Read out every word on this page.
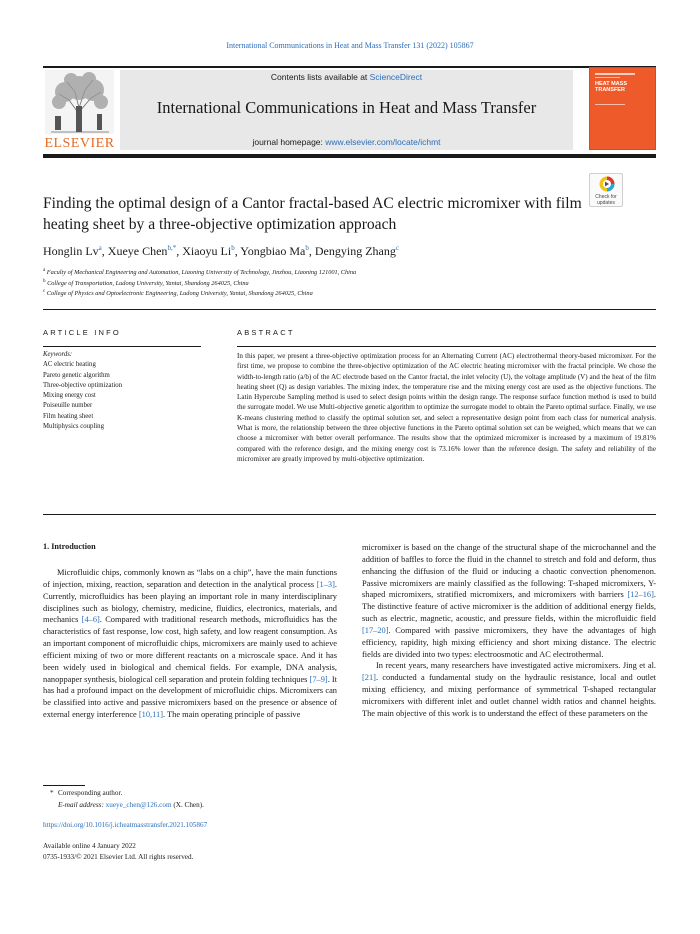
International Communications in Heat and Mass Transfer 131 (2022) 105867
ELSEVIER
Contents lists available at ScienceDirect
International Communications in Heat and Mass Transfer
journal homepage: www.elsevier.com/locate/ichmt
HEAT MASS TRANSFER
Finding the optimal design of a Cantor fractal-based AC electric micromixer with film heating sheet by a three-objective optimization approach
Check for
updates
Honglin Lv$^a$, Xueye Chen$^{b,*}$, Xiaoyu Li$^b$, Yongbiao Ma$^b$, Dengying Zhang$^c$
$^a$ Faculty of Mechanical Engineering and Automation, Liaoning University of Technology, Jinzhou, Liaoning 121001, China
$^b$ College of Transportation, Ludong University, Yantai, Shandong 264025, China
$^c$ College of Physics and Optoelectronic Engineering, Ludong University, Yantai, Shandong 264025, China
ARTICLE INFO	ABSTRACT
Keywords:
AC electric heating
Pareto genetic algorithm
Three-objective optimization
Mixing energy cost
Poiseuille number
Film heating sheet
Multiphysics coupling
In this paper, we present a three-objective optimization process for an Alternating Current (AC) electrothermal theory-based micromixer. For the first time, we propose to combine the three-objective optimization of the AC electric heating micromixer with the fractal principle. We chose the width-to-length ratio (a/b) of the AC electrode based on the Cantor fractal, the inlet velocity (U), the voltage amplitude (V) and the heat of the film heating sheet (Q) as design variables. The mixing index, the temperature rise and the mixing energy cost are used as the objective functions. The Latin Hypercube Sampling method is used to select design points within the design range. The response surface function method is used to build the surrogate model. We use Multi-objective genetic algorithm to optimize the surrogate model to obtain the Pareto optimal surface. Finally, we use K-means clustering method to classify the optimal solution set, and select a representative design point from each class for numerical analysis. What is more, the relationship between the three objective functions in the Pareto optimal solution set can be weighed, which means that we can choose a micromixer with better overall performance. The results show that the optimized micromixer is increased by a maximum of 19.81% compared with the reference design, and the mixing energy cost is 73.16% lower than the reference design. The safety and reliability of the micromixer are greatly improved by multi-objective optimization.
1. Introduction

Microfluidic chips, commonly known as “labs on a chip”, have the main functions of injection, mixing, reaction, separation and detection in the analytical process [1–3]. Currently, microfluidics has been playing an important role in many interdisciplinary disciplines such as biology, chemistry, medicine, fluidics, electronics, materials, and mechanics [4–6]. Compared with traditional research methods, microfluidics has the characteristics of fast response, low cost, high safety, and low reagent consumption. As an important component of microfluidic chips, micromixers are mainly used to achieve efficient mixing of two or more different reactants on a microscale space. And it has been widely used in biological and chemical fields. For example, DNA analysis, nanoppaper synthesis, biological cell separation and protein folding techniques [7–9]. It has had a profound impact on the development of microfluidic chips. Micromixers can be classified into active and passive micromixers based on the presence or absence of external energy interference [10,11]. The main operating principle of passive

micromixer is based on the change of the structural shape of the microchannel and the addition of baffles to force the fluid in the channel to stretch and fold and deform, thus enhancing the diffusion of the fluid or inducing a chaotic convection phenomenon. Passive micromixers are mainly classified as the following: T-shaped micromixers, Y-shaped micromixers, stratified micromixers, and micromixers with barriers [12–16]. The distinctive feature of active micromixer is the addition of additional energy fields, such as electric, magnetic, acoustic, and pressure fields, within the microfluidic field [17–20]. Compared with passive micromixers, they have the advantages of high efficiency, rapidity, high mixing efficiency and short mixing distance. The electric fields are divided into two types: electroosmotic and AC electrothermal.

In recent years, many researchers have investigated active micromixers. Jing et al. [21]. conducted a fundamental study on the hydraulic resistance, local and outlet mixing efficiency, and mixing performance of symmetrical T-shaped rectangular micromixers with different inlet and outlet channel width ratios and channel heights. The main objective of this work is to understand the effect of these parameters on the

* Corresponding author.
E-mail address: xueye_chen@126.com (X. Chen).
https://doi.org/10.1016/j.icheatmasstransfer.2021.105867
Available online 4 January 2022
0735-1933/© 2021 Elsevier Ltd. All rights reserved.
